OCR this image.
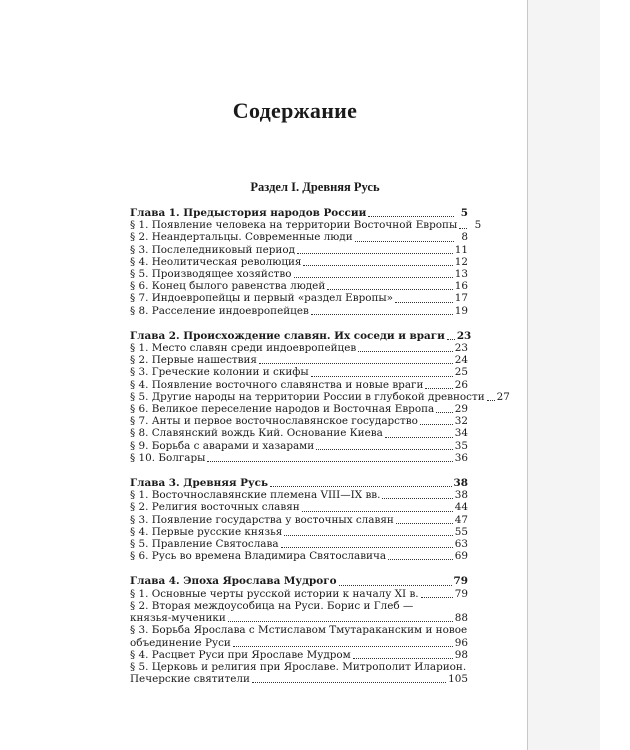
Содержание
Раздел I. Древняя Русь
Глава 1. Предыстория народов России	5
§ 1. Появление человека на территории Восточной Европы	5
§ 2. Неандертальцы. Современные люди	8
§ 3. Послеледниковый период	11
§ 4. Неолитическая революция	12
§ 5. Производящее хозяйство	13
§ 6. Конец былого равенства людей	16
§ 7. Индоевропейцы и первый «раздел Европы»	17
§ 8. Расселение индоевропейцев	19
Глава 2. Происхождение славян. Их соседи и враги 23
§ 1. Место славян среди индоевропейцев	23
§ 2. Первые нашествия	24
§ 3. Греческие колонии и скифы	25
§ 4. Появление восточного славянства и новые враги	26
§ 5. Другие народы на территории России в глубокой древности 27
§ 6. Великое переселение народов и Восточная Европа 29
§ 7. Анты и первое восточнославянское государство	32
§ 8. Славянский вождь Кий. Основание Киева	34
§ 9. Борьба с аварами и хазарами	35
§ 10. Болгары	36
Глава 3. Древняя Русь	38
§ 1. Восточнославянские племена VIII—IX вв.	38
§ 2. Религия восточных славян	44
§ 3. Появление государства у восточных славян	47
§ 4. Первые русские князья	55
§ 5. Правление Святослава	63
§ 6. Русь во времена Владимира Святославича	69
Глава 4. Эпоха Ярослава Мудрого	79
§ 1. Основные черты русской истории к началу XI в.	79
§ 2. Вторая междоусобица на Руси. Борис и Глеб —
князья-мученики	88
§ 3. Борьба Ярослава с Мстиславом Тмутараканским и новое
объединение Руси	96
§ 4. Расцвет Руси при Ярославе Мудром	98
§ 5. Церковь и религия при Ярославе. Митрополит Иларион.
Печерские святители	105
